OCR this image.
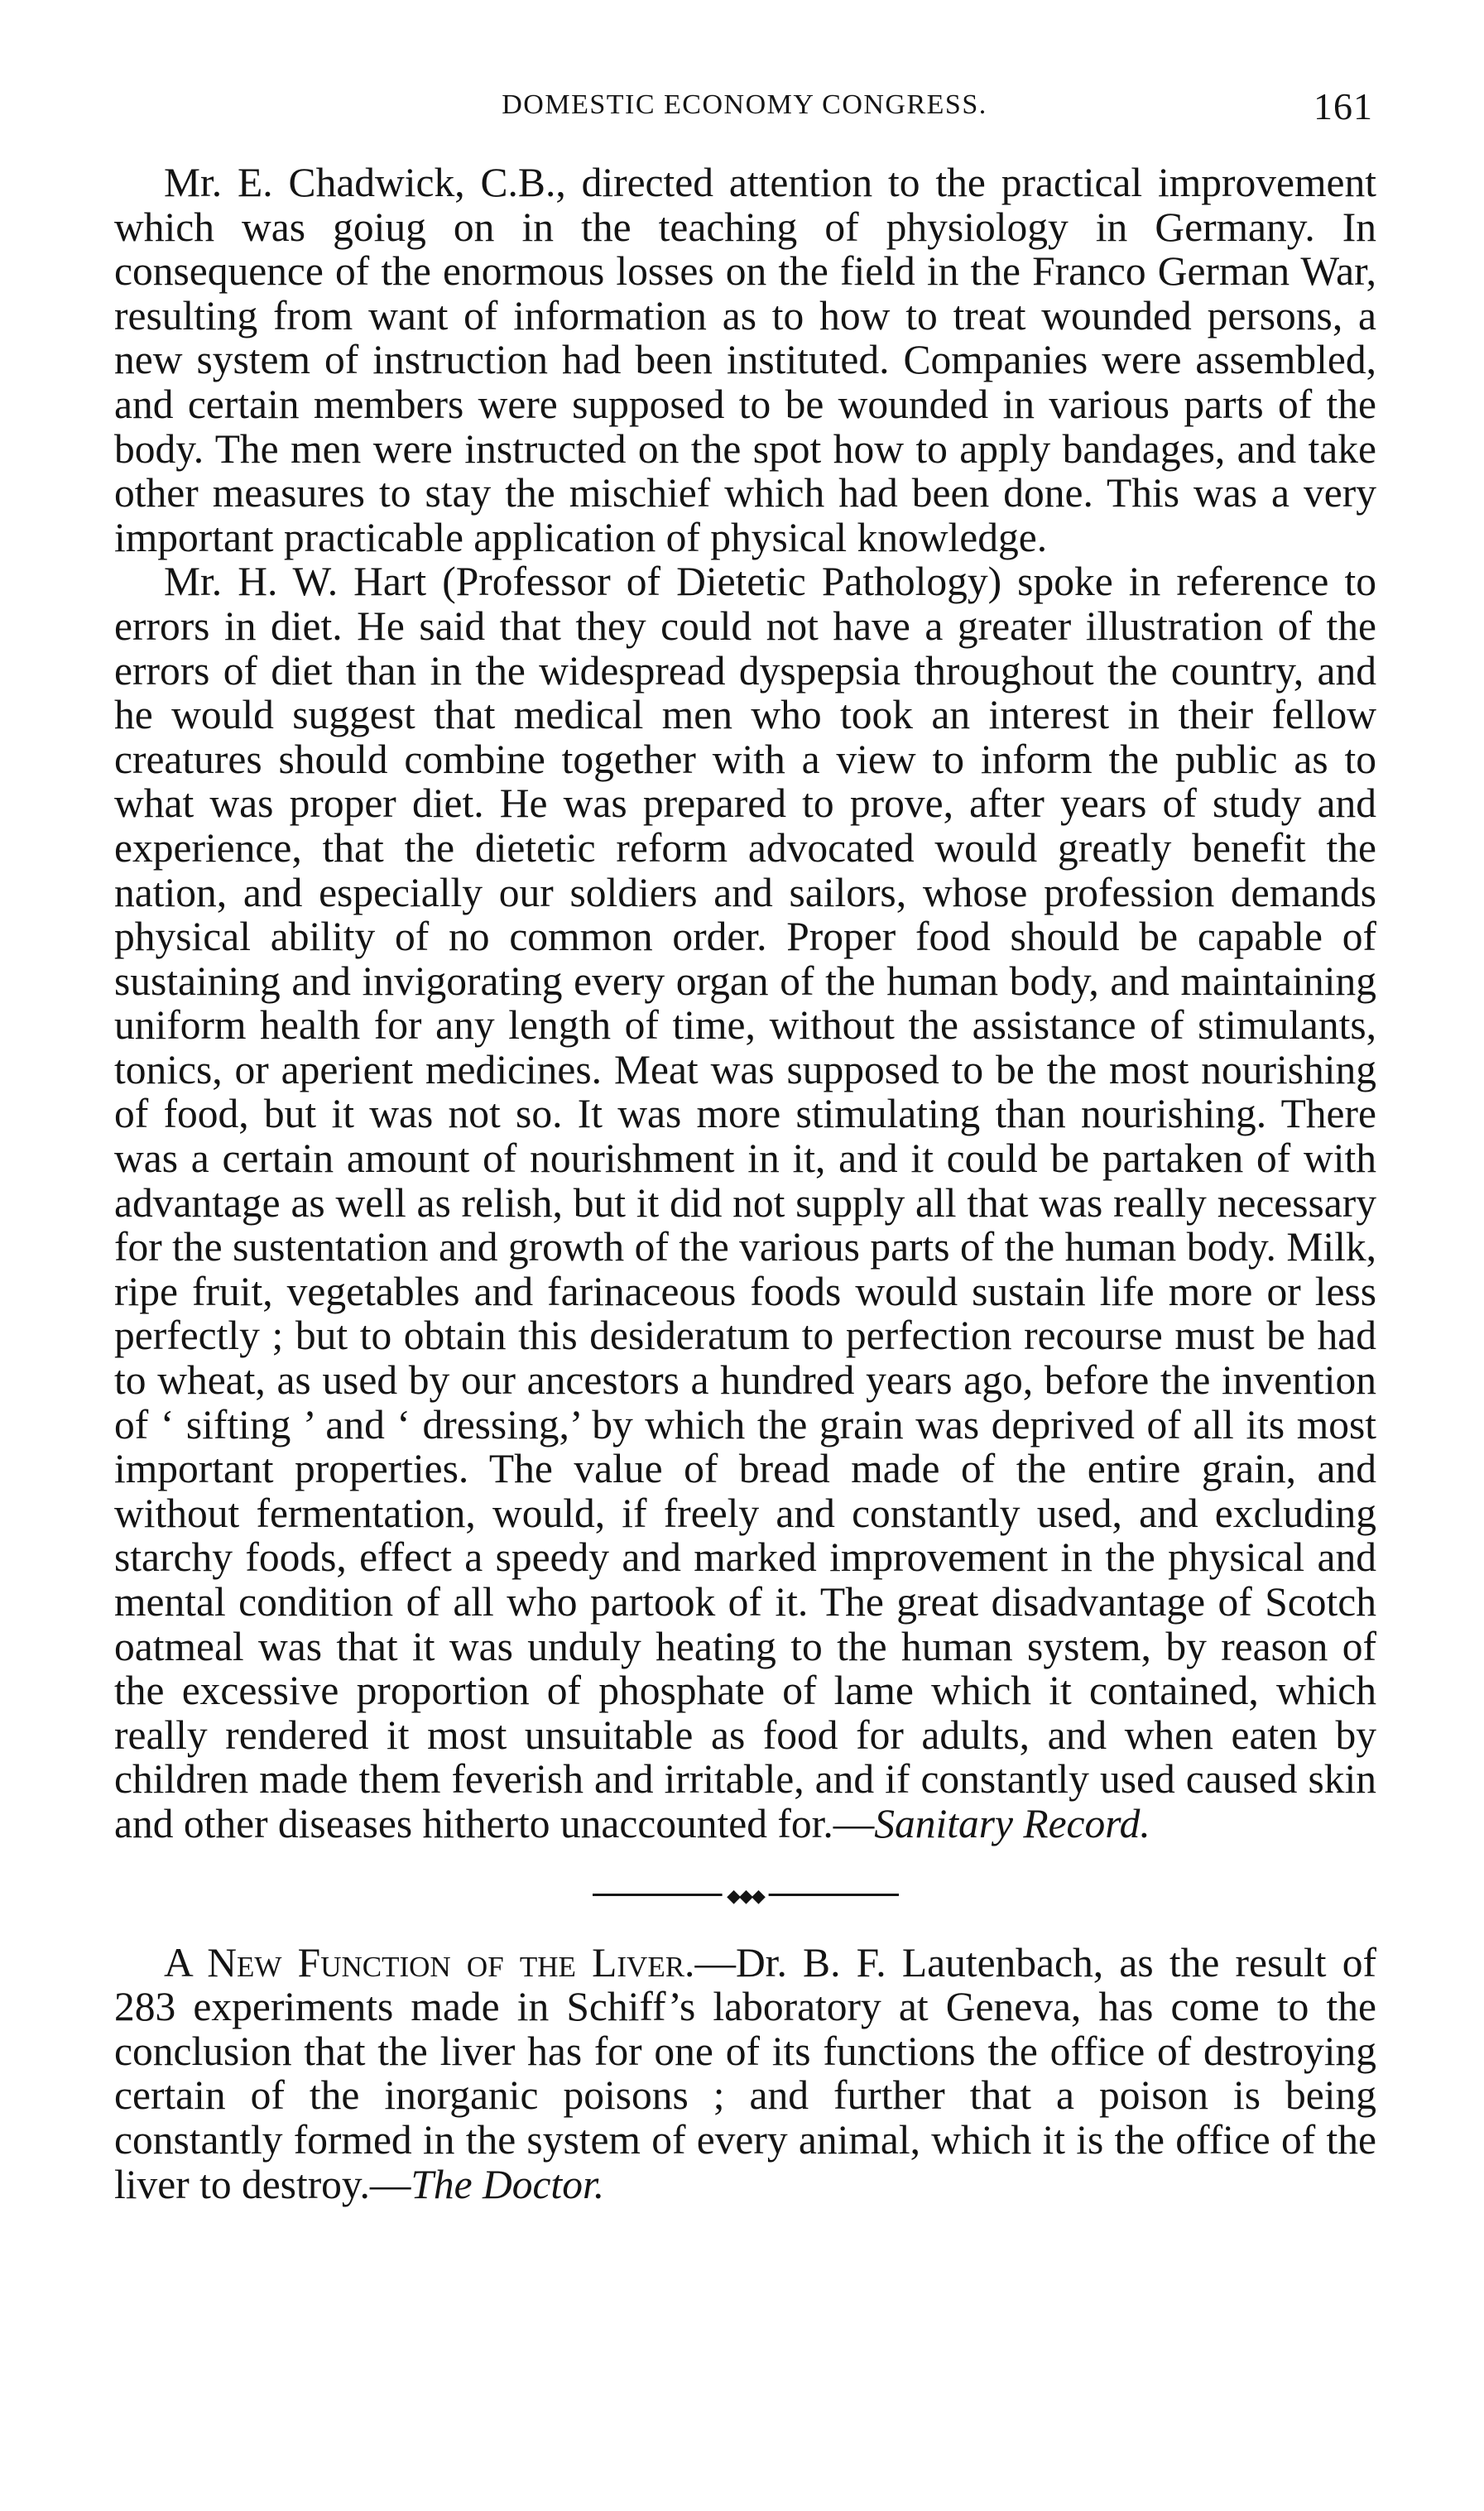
DOMESTIC ECONOMY CONGRESS.	161

Mr. E. Chadwick, C.B., directed attention to the practical improvement which was goiug on in the teaching of physiology in Germany. In consequence of the enormous losses on the field in the Franco German War, resulting from want of information as to how to treat wounded persons, a new system of instruction had been instituted. Companies were assembled, and certain members were supposed to be wounded in various parts of the body. The men were instructed on the spot how to apply bandages, and take other measures to stay the mischief which had been done. This was a very important practicable application of physical knowledge.

Mr. H. W. Hart (Professor of Dietetic Pathology) spoke in reference to errors in diet. He said that they could not have a greater illustration of the errors of diet than in the widespread dyspepsia throughout the country, and he would suggest that medical men who took an interest in their fellow creatures should combine together with a view to inform the public as to what was proper diet. He was prepared to prove, after years of study and experience, that the dietetic reform advocated would greatly benefit the nation, and especially our soldiers and sailors, whose profession demands physical ability of no common order. Proper food should be capable of sustaining and invigorating every organ of the human body, and maintaining uniform health for any length of time, without the assistance of stimulants, tonics, or aperient medicines. Meat was supposed to be the most nourishing of food, but it was not so. It was more stimulating than nourishing. There was a certain amount of nourishment in it, and it could be partaken of with advantage as well as relish, but it did not supply all that was really necessary for the sustentation and growth of the various parts of the human body. Milk, ripe fruit, vegetables and farinaceous foods would sustain life more or less perfectly ; but to obtain this desideratum to perfection recourse must be had to wheat, as used by our ancestors a hundred years ago, before the invention of ‘ sifting ’ and ‘ dressing,’ by which the grain was deprived of all its most important properties. The value of bread made of the entire grain, and without fermentation, would, if freely and constantly used, and excluding starchy foods, effect a speedy and marked improvement in the physical and mental condition of all who partook of it. The great disadvantage of Scotch oatmeal was that it was unduly heating to the human system, by reason of the excessive proportion of phosphate of lame which it contained, which really rendered it most unsuitable as food for adults, and when eaten by children made them feverish and irritable, and if constantly used caused skin and other diseases hitherto unaccounted for.—Sanitary Record.

◆◆◆

A New Function of the Liver.—Dr. B. F. Lautenbach, as the result of 283 experiments made in Schiff’s laboratory at Geneva, has come to the conclusion that the liver has for one of its functions the office of destroying certain of the inorganic poisons ; and further that a poison is being constantly formed in the system of every animal, which it is the office of the liver to destroy.—The Doctor.
